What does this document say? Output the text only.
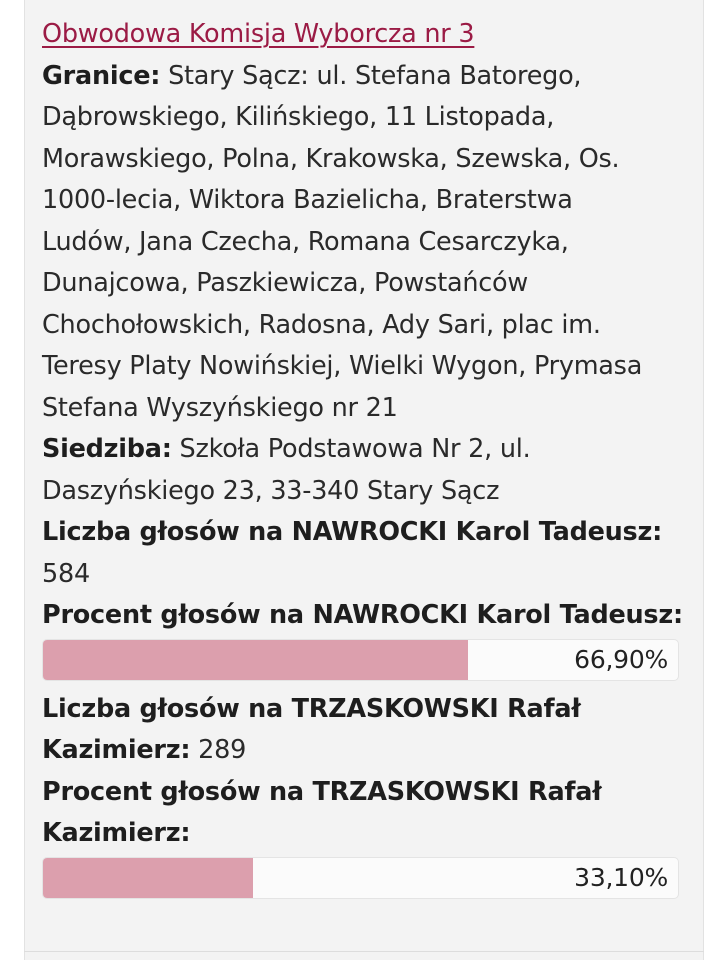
Obwodowa Komisja Wyborcza nr 3

Granice: Stary Sącz: ul. Stefana Batorego,

Dąbrowskiego, Kilińskiego, 11 Listopada,

Morawskiego, Polna, Krakowska, Szewska, Os.

1000-lecia, Wiktora Bazielicha, Braterstwa

Ludów, Jana Czecha, Romana Cesarczyka,

Dunajcowa, Paszkiewicza, Powstańców

Chochołowskich, Radosna, Ady Sari, plac im.

Teresy Platy Nowińskiej, Wielki Wygon, Prymasa

Stefana Wyszyńskiego nr 21

Siedziba: Szkoła Podstawowa Nr 2, ul.

Daszyńskiego 23, 33-340 Stary Sącz

Liczba głosów na NAWROCKI Karol Tadeusz:

584

Procent głosów na NAWROCKI Karol Tadeusz:

66,90%

Liczba głosów na TRZASKOWSKI Rafał

Kazimierz: 289

Procent głosów na TRZASKOWSKI Rafał

Kazimierz:

33,10%
